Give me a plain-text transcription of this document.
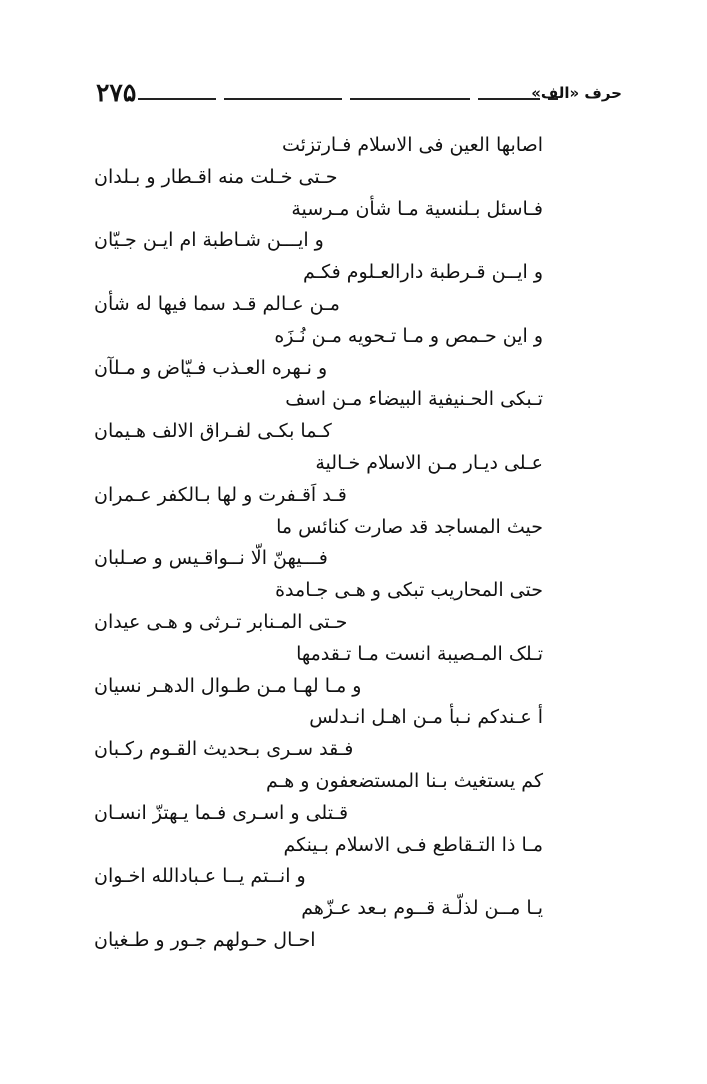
۲۷۵	حرف «الف»
اصابها العين فی الاسلام فـارتزئت
حـتی خـلت منه اقـطار و بـلدان
فـاسئل بـلنسية مـا شأن مـرسية
و ايـــن شـاطبة ام ايـن جـیّان
و ايــن قـرطبة دارالعـلوم فكـم
مـن عـالم قـد سما فيها له شأن
و اين حـمص و مـا تـحويه مـن نُـزَه
و نـهره العـذب فـیّاض و مـلآن
تـبکی الحـنيفية البيضاء مـن اسف
كـما بكـی لفـراق الالف هـيمان
عـلی ديـار مـن الاسلام خـالية
قـد اَقـفرت و لها بـالكفر عـمران
حيث المساجد قد صارت كنائس ما
فـــيهنّ الّا نــواقـيس و صـلبان
حتی المحاريب تبكی و هـی جـامدة
حـتی المـنابر تـرثی و هـی عيدان
تـلک المـصيبة انست مـا تـقدمها
و مـا لهـا مـن طـوال الدهـر نسيان
أ عـندكم نـبأ مـن اهـل انـدلس
فـقد سـری بـحديث القـوم ركـبان
كم يستغيث بـنا المستضعفون و هـم
قـتلی و اسـری فـما يـهتزّ انسـان
مـا ذا التـقاطع فـی الاسلام بـينكم
و انــتم يــا عـبادالله اخـوان
يـا مــن لذلّـة قــوم بـعد عـزّهم
احـال حـولهم جـور و طـغيان
